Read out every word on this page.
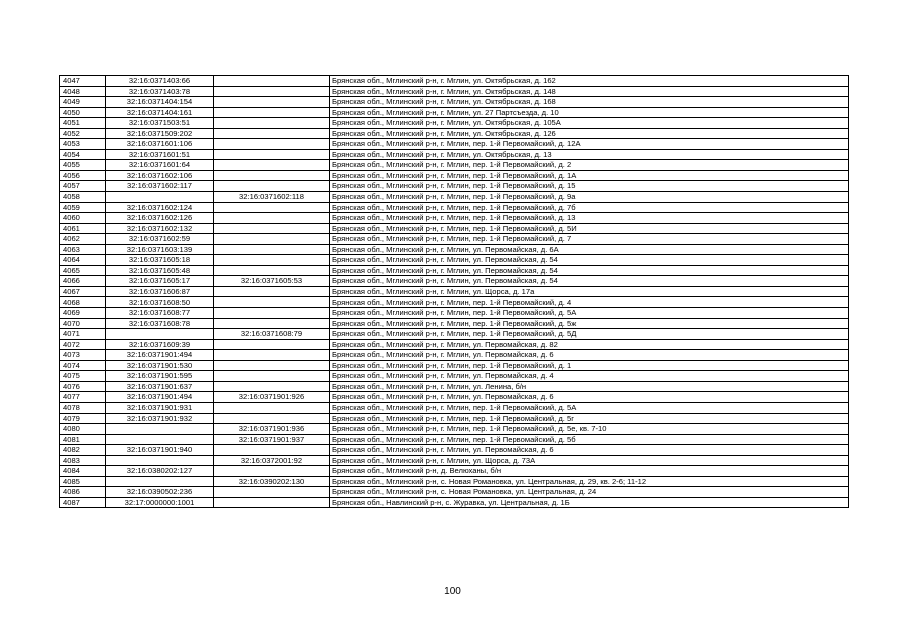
4047	32:16:0371403:66		Брянская обл., Мглинский р-н, г. Мглин, ул. Октябрьская, д. 162
4048	32:16:0371403:78		Брянская обл., Мглинский р-н, г. Мглин, ул. Октябрьская, д. 148
4049	32:16:0371404:154		Брянская обл., Мглинский р-н, г. Мглин, ул. Октябрьская, д. 168
4050	32:16:0371404:161		Брянская обл., Мглинский р-н, г. Мглин, ул. 27 Партсъезда, д. 10
4051	32:16:0371503:51		Брянская обл., Мглинский р-н, г. Мглин, ул. Октябрьская, д. 105А
4052	32:16:0371509:202		Брянская обл., Мглинский р-н, г. Мглин, ул. Октябрьская, д. 126
4053	32:16:0371601:106		Брянская обл., Мглинский р-н, г. Мглин, пер. 1-й Первомайский, д. 12А
4054	32:16:0371601:51		Брянская обл., Мглинский р-н, г. Мглин, ул. Октябрьская, д. 13
4055	32:16:0371601:64		Брянская обл., Мглинский р-н, г. Мглин, пер. 1-й Первомайский, д. 2
4056	32:16:0371602:106		Брянская обл., Мглинский р-н, г. Мглин, пер. 1-й Первомайский, д. 1А
4057	32:16:0371602:117		Брянская обл., Мглинский р-н, г. Мглин, пер. 1-й Первомайский, д. 15
4058		32:16:0371602:118	Брянская обл., Мглинский р-н, г. Мглин, пер. 1-й Первомайский, д. 9а
4059	32:16:0371602:124		Брянская обл., Мглинский р-н, г. Мглин, пер. 1-й Первомайский, д. 7б
4060	32:16:0371602:126		Брянская обл., Мглинский р-н, г. Мглин, пер. 1-й Первомайский, д. 13
4061	32:16:0371602:132		Брянская обл., Мглинский р-н, г. Мглин, пер. 1-й Первомайский, д. 5И
4062	32:16:0371602:59		Брянская обл., Мглинский р-н, г. Мглин, пер. 1-й Первомайский, д. 7
4063	32:16:0371603:139		Брянская обл., Мглинский р-н, г. Мглин, ул. Первомайская, д. 6А
4064	32:16:0371605:18		Брянская обл., Мглинский р-н, г. Мглин, ул. Первомайская, д. 54
4065	32:16:0371605:48		Брянская обл., Мглинский р-н, г. Мглин, ул. Первомайская, д. 54
4066	32:16:0371605:17	32:16:0371605:53	Брянская обл., Мглинский р-н, г. Мглин, ул. Первомайская, д. 54
4067	32:16:0371606:87		Брянская обл., Мглинский р-н, г. Мглин, ул. Щорса, д. 17а
4068	32:16:0371608:50		Брянская обл., Мглинский р-н, г. Мглин, пер. 1-й Первомайский, д. 4
4069	32:16:0371608:77		Брянская обл., Мглинский р-н, г. Мглин, пер. 1-й Первомайский, д. 5А
4070	32:16:0371608:78		Брянская обл., Мглинский р-н, г. Мглин, пер. 1-й Первомайский, д. 5ж
4071		32:16:0371608:79	Брянская обл., Мглинский р-н, г. Мглин, пер. 1-й Первомайский, д. 5Д
4072	32:16:0371609:39		Брянская обл., Мглинский р-н, г. Мглин, ул. Первомайская, д. 82
4073	32:16:0371901:494		Брянская обл., Мглинский р-н, г. Мглин, ул. Первомайская, д. 6
4074	32:16:0371901:530		Брянская обл., Мглинский р-н, г. Мглин, пер. 1-й Первомайский, д. 1
4075	32:16:0371901:595		Брянская обл., Мглинский р-н, г. Мглин, ул. Первомайская, д. 4
4076	32:16:0371901:637		Брянская обл., Мглинский р-н, г. Мглин, ул. Ленина, б/н
4077	32:16:0371901:494	32:16:0371901:926	Брянская обл., Мглинский р-н, г. Мглин, ул. Первомайская, д. 6
4078	32:16:0371901:931		Брянская обл., Мглинский р-н, г. Мглин, пер. 1-й Первомайский, д. 5А
4079	32:16:0371901:932		Брянская обл., Мглинский р-н, г. Мглин, пер. 1-й Первомайский, д. 5г
4080		32:16:0371901:936	Брянская обл., Мглинский р-н, г. Мглин, пер. 1-й Первомайский, д. 5е, кв. 7-10
4081		32:16:0371901:937	Брянская обл., Мглинский р-н, г. Мглин, пер. 1-й Первомайский, д. 5б
4082	32:16:0371901:940		Брянская обл., Мглинский р-н, г. Мглин, ул. Первомайская, д. 6
4083		32:16:0372001:92	Брянская обл., Мглинский р-н, г. Мглин, ул. Щорса, д. 73А
4084	32:16:0380202:127		Брянская обл., Мглинский р-н, д. Велюханы, б/н
4085		32:16:0390202:130	Брянская обл., Мглинский р-н, с. Новая Романовка, ул. Центральная, д. 29, кв. 2-6; 11-12
4086	32:16:0390502:236		Брянская обл., Мглинский р-н, с. Новая Романовка, ул. Центральная, д. 24
4087	32:17:0000000:1001		Брянская обл., Навлинский р-н, с. Журавка, ул. Центральная, д. 1Б
100
